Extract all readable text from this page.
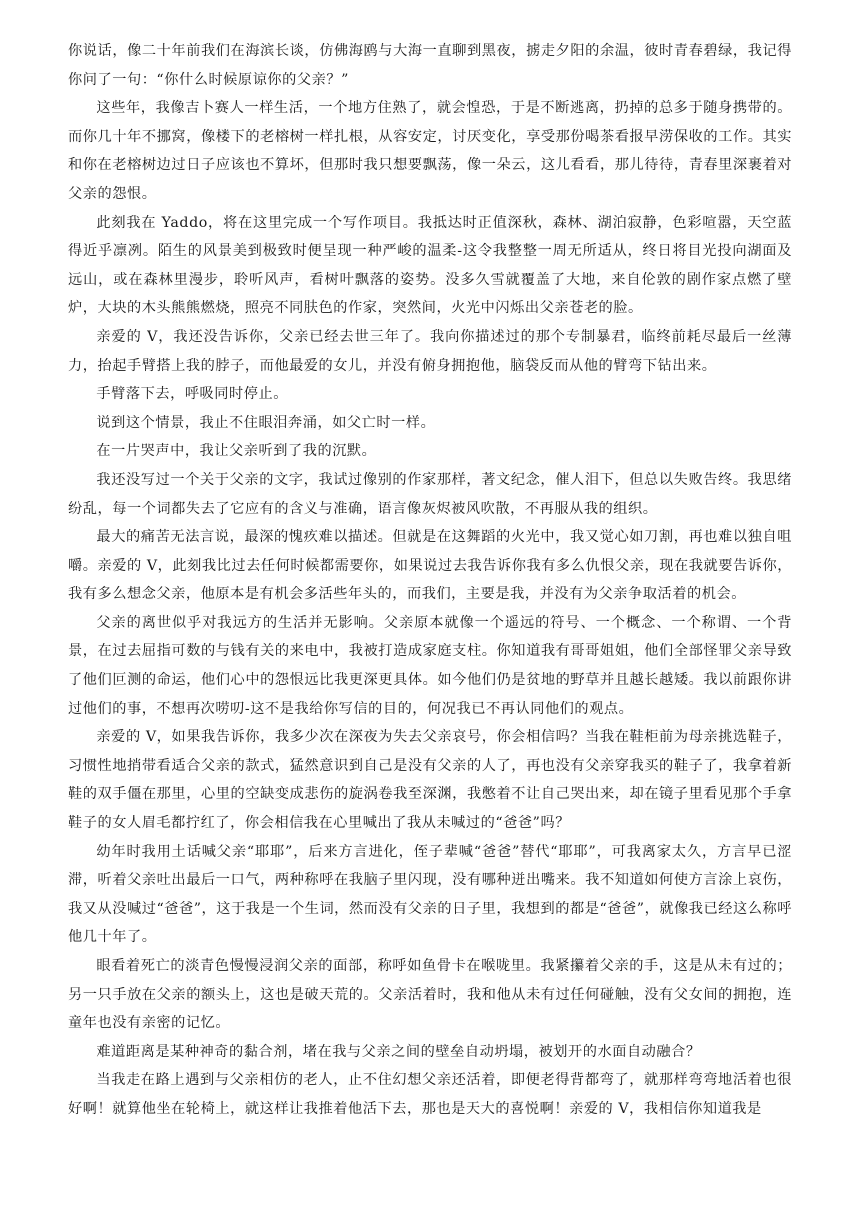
你说话，像二十年前我们在海滨长谈，仿佛海鸥与大海一直聊到黑夜，掳走夕阳的余温，彼时青春碧绿，我记得你问了一句：“你什么时候原谅你的父亲？”

这些年，我像吉卜赛人一样生活，一个地方住熟了，就会惶恐，于是不断逃离，扔掉的总多于随身携带的。而你几十年不挪窝，像楼下的老榕树一样扎根，从容安定，讨厌变化，享受那份喝茶看报早涝保收的工作。其实和你在老榕树边过日子应该也不算坏，但那时我只想要飘荡，像一朵云，这儿看看，那儿待待，青春里深裹着对父亲的怨恨。

此刻我在 Yaddo，将在这里完成一个写作项目。我抵达时正值深秋，森林、湖泊寂静，色彩喧嚣，天空蓝得近乎凛冽。陌生的风景美到极致时便呈现一种严峻的温柔-这令我整整一周无所适从，终日将目光投向湖面及远山，或在森林里漫步，聆听风声，看树叶飘落的姿势。没多久雪就覆盖了大地，来自伦敦的剧作家点燃了壁炉，大块的木头熊熊燃烧，照亮不同肤色的作家，突然间，火光中闪烁出父亲苍老的脸。

亲爱的 V，我还没告诉你，父亲已经去世三年了。我向你描述过的那个专制暴君，临终前耗尽最后一丝薄力，抬起手臂搭上我的脖子，而他最爱的女儿，并没有俯身拥抱他，脑袋反而从他的臂弯下钻出来。

手臂落下去，呼吸同时停止。

说到这个情景，我止不住眼泪奔涌，如父亡时一样。

在一片哭声中，我让父亲听到了我的沉默。

我还没写过一个关于父亲的文字，我试过像别的作家那样，著文纪念，催人泪下，但总以失败告终。我思绪纷乱，每一个词都失去了它应有的含义与准确，语言像灰烬被风吹散，不再服从我的组织。

最大的痛苦无法言说，最深的愧疚难以描述。但就是在这舞蹈的火光中，我又觉心如刀割，再也难以独自咀嚼。亲爱的 V，此刻我比过去任何时候都需要你，如果说过去我告诉你我有多么仇恨父亲，现在我就要告诉你，我有多么想念父亲，他原本是有机会多活些年头的，而我们，主要是我，并没有为父亲争取活着的机会。

父亲的离世似乎对我远方的生活并无影响。父亲原本就像一个遥远的符号、一个概念、一个称谓、一个背景，在过去屈指可数的与钱有关的来电中，我被打造成家庭支柱。你知道我有哥哥姐姐，他们全部怪罪父亲导致了他们叵测的命运，他们心中的怨恨远比我更深更具体。如今他们仍是贫地的野草并且越长越矮。我以前跟你讲过他们的事，不想再次唠叨-这不是我给你写信的目的，何况我已不再认同他们的观点。

亲爱的 V，如果我告诉你，我多少次在深夜为失去父亲哀号，你会相信吗？当我在鞋柜前为母亲挑选鞋子，习惯性地捎带看适合父亲的款式，猛然意识到自己是没有父亲的人了，再也没有父亲穿我买的鞋子了，我拿着新鞋的双手僵在那里，心里的空缺变成悲伤的旋涡卷我至深渊，我憋着不让自己哭出来，却在镜子里看见那个手拿鞋子的女人眉毛都拧红了，你会相信我在心里喊出了我从未喊过的“爸爸”吗？

幼年时我用土话喊父亲“耶耶”，后来方言进化，侄子辈喊“爸爸”替代“耶耶”，可我离家太久，方言早已涩滞，听着父亲吐出最后一口气，两种称呼在我脑子里闪现，没有哪种迸出嘴来。我不知道如何使方言涂上哀伤，我又从没喊过“爸爸”，这于我是一个生词，然而没有父亲的日子里，我想到的都是“爸爸”，就像我已经这么称呼他几十年了。

眼看着死亡的淡青色慢慢浸润父亲的面部，称呼如鱼骨卡在喉咙里。我紧攥着父亲的手，这是从未有过的；另一只手放在父亲的额头上，这也是破天荒的。父亲活着时，我和他从未有过任何碰触，没有父女间的拥抱，连童年也没有亲密的记忆。

难道距离是某种神奇的黏合剂，堵在我与父亲之间的壁垒自动坍塌，被划开的水面自动融合？

当我走在路上遇到与父亲相仿的老人，止不住幻想父亲还活着，即便老得背都弯了，就那样弯弯地活着也很好啊！就算他坐在轮椅上，就这样让我推着他活下去，那也是天大的喜悦啊！亲爱的 V，我相信你知道我是
